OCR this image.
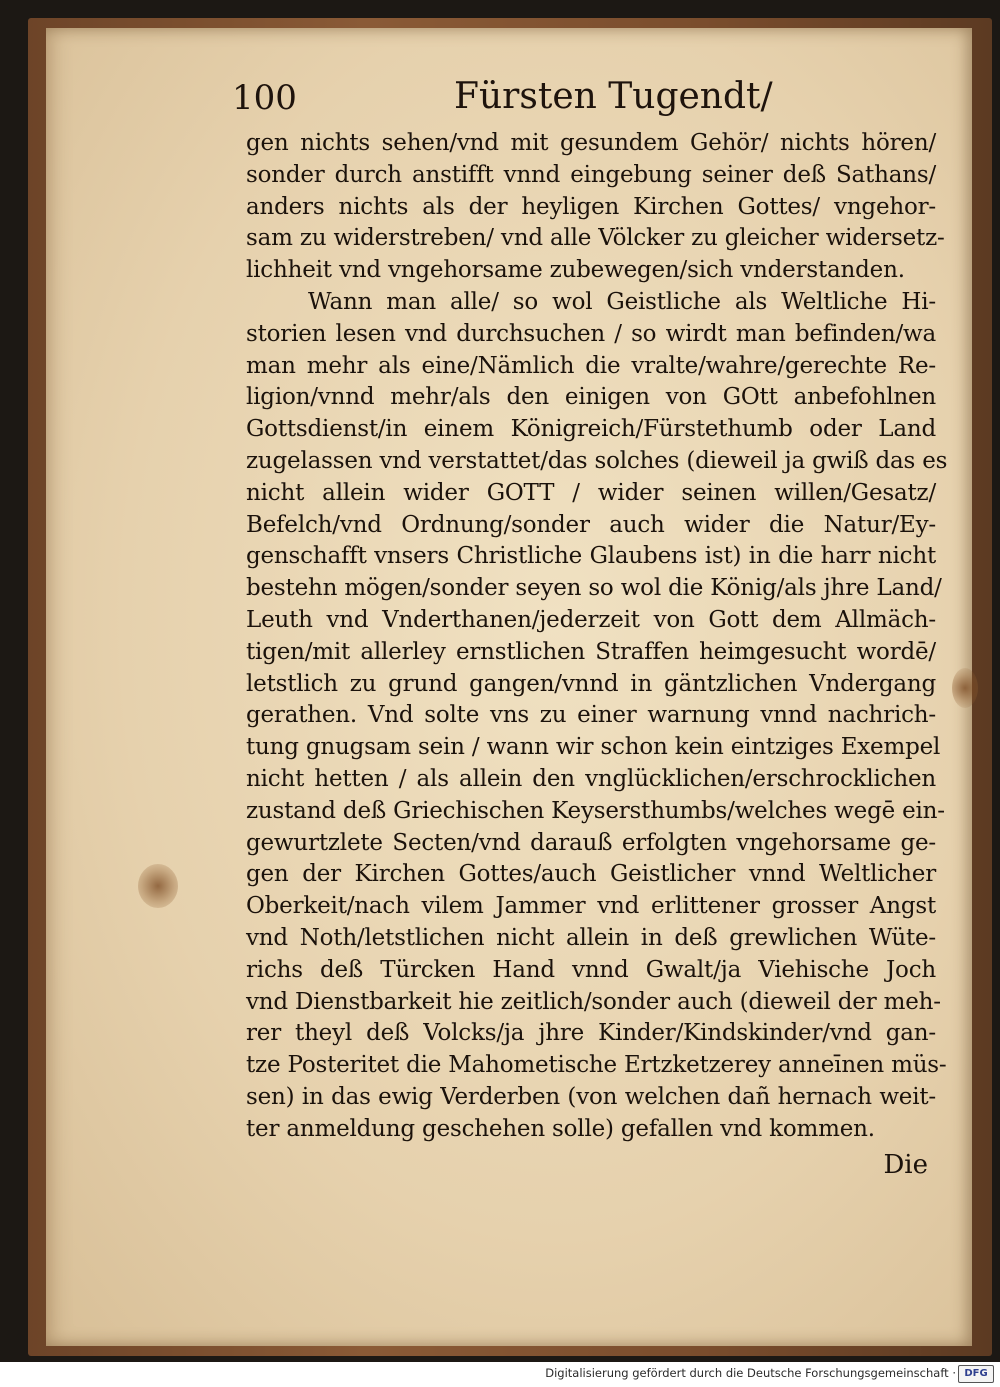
100	Fürsten Tugendt/
gen nichts sehen/vnd mit gesundem Gehör/ nichts hören/
sonder durch anstifft vnnd eingebung seiner deß Sathans/
anders nichts als der heyligen Kirchen Gottes/ vngehor-
sam zu widerstreben/ vnd alle Völcker zu gleicher widersetz-
lichheit vnd vngehorsame zubewegen/sich vnderstanden.
Wann man alle/ so wol Geistliche als Weltliche Hi-
storien lesen vnd durchsuchen / so wirdt man befinden/wa
man mehr als eine/Nämlich die vralte/wahre/gerechte Re-
ligion/vnnd mehr/als den einigen von GOtt anbefohlnen
Gottsdienst/in einem Königreich/Fürstethumb oder Land
zugelassen vnd verstattet/das solches (dieweil ja gwiß das es
nicht allein wider GOTT / wider seinen willen/Gesatz/
Befelch/vnd Ordnung/sonder auch wider die Natur/Ey-
genschafft vnsers Christliche Glaubens ist) in die harr nicht
bestehn mögen/sonder seyen so wol die König/als jhre Land/
Leuth vnd Vnderthanen/jederzeit von Gott dem Allmäch-
tigen/mit allerley ernstlichen Straffen heimgesucht wordē/
letstlich zu grund gangen/vnnd in gäntzlichen Vndergang
gerathen. Vnd solte vns zu einer warnung vnnd nachrich-
tung gnugsam sein / wann wir schon kein eintziges Exempel
nicht hetten / als allein den vnglücklichen/erschrocklichen
zustand deß Griechischen Keysersthumbs/welches wegē ein-
gewurtzlete Secten/vnd darauß erfolgten vngehorsame ge-
gen der Kirchen Gottes/auch Geistlicher vnnd Weltlicher
Oberkeit/nach vilem Jammer vnd erlittener grosser Angst
vnd Noth/letstlichen nicht allein in deß grewlichen Wüte-
richs deß Türcken Hand vnnd Gwalt/ja Viehische Joch
vnd Dienstbarkeit hie zeitlich/sonder auch (dieweil der meh-
rer theyl deß Volcks/ja jhre Kinder/Kindskinder/vnd gan-
tze Posteritet die Mahometische Ertzketzerey anneīnen müs-
sen) in das ewig Verderben (von welchen dañ hernach weit-
ter anmeldung geschehen solle) gefallen vnd kommen.
Die
Digitalisierung gefördert durch die Deutsche Forschungsgemeinschaft · DFG
